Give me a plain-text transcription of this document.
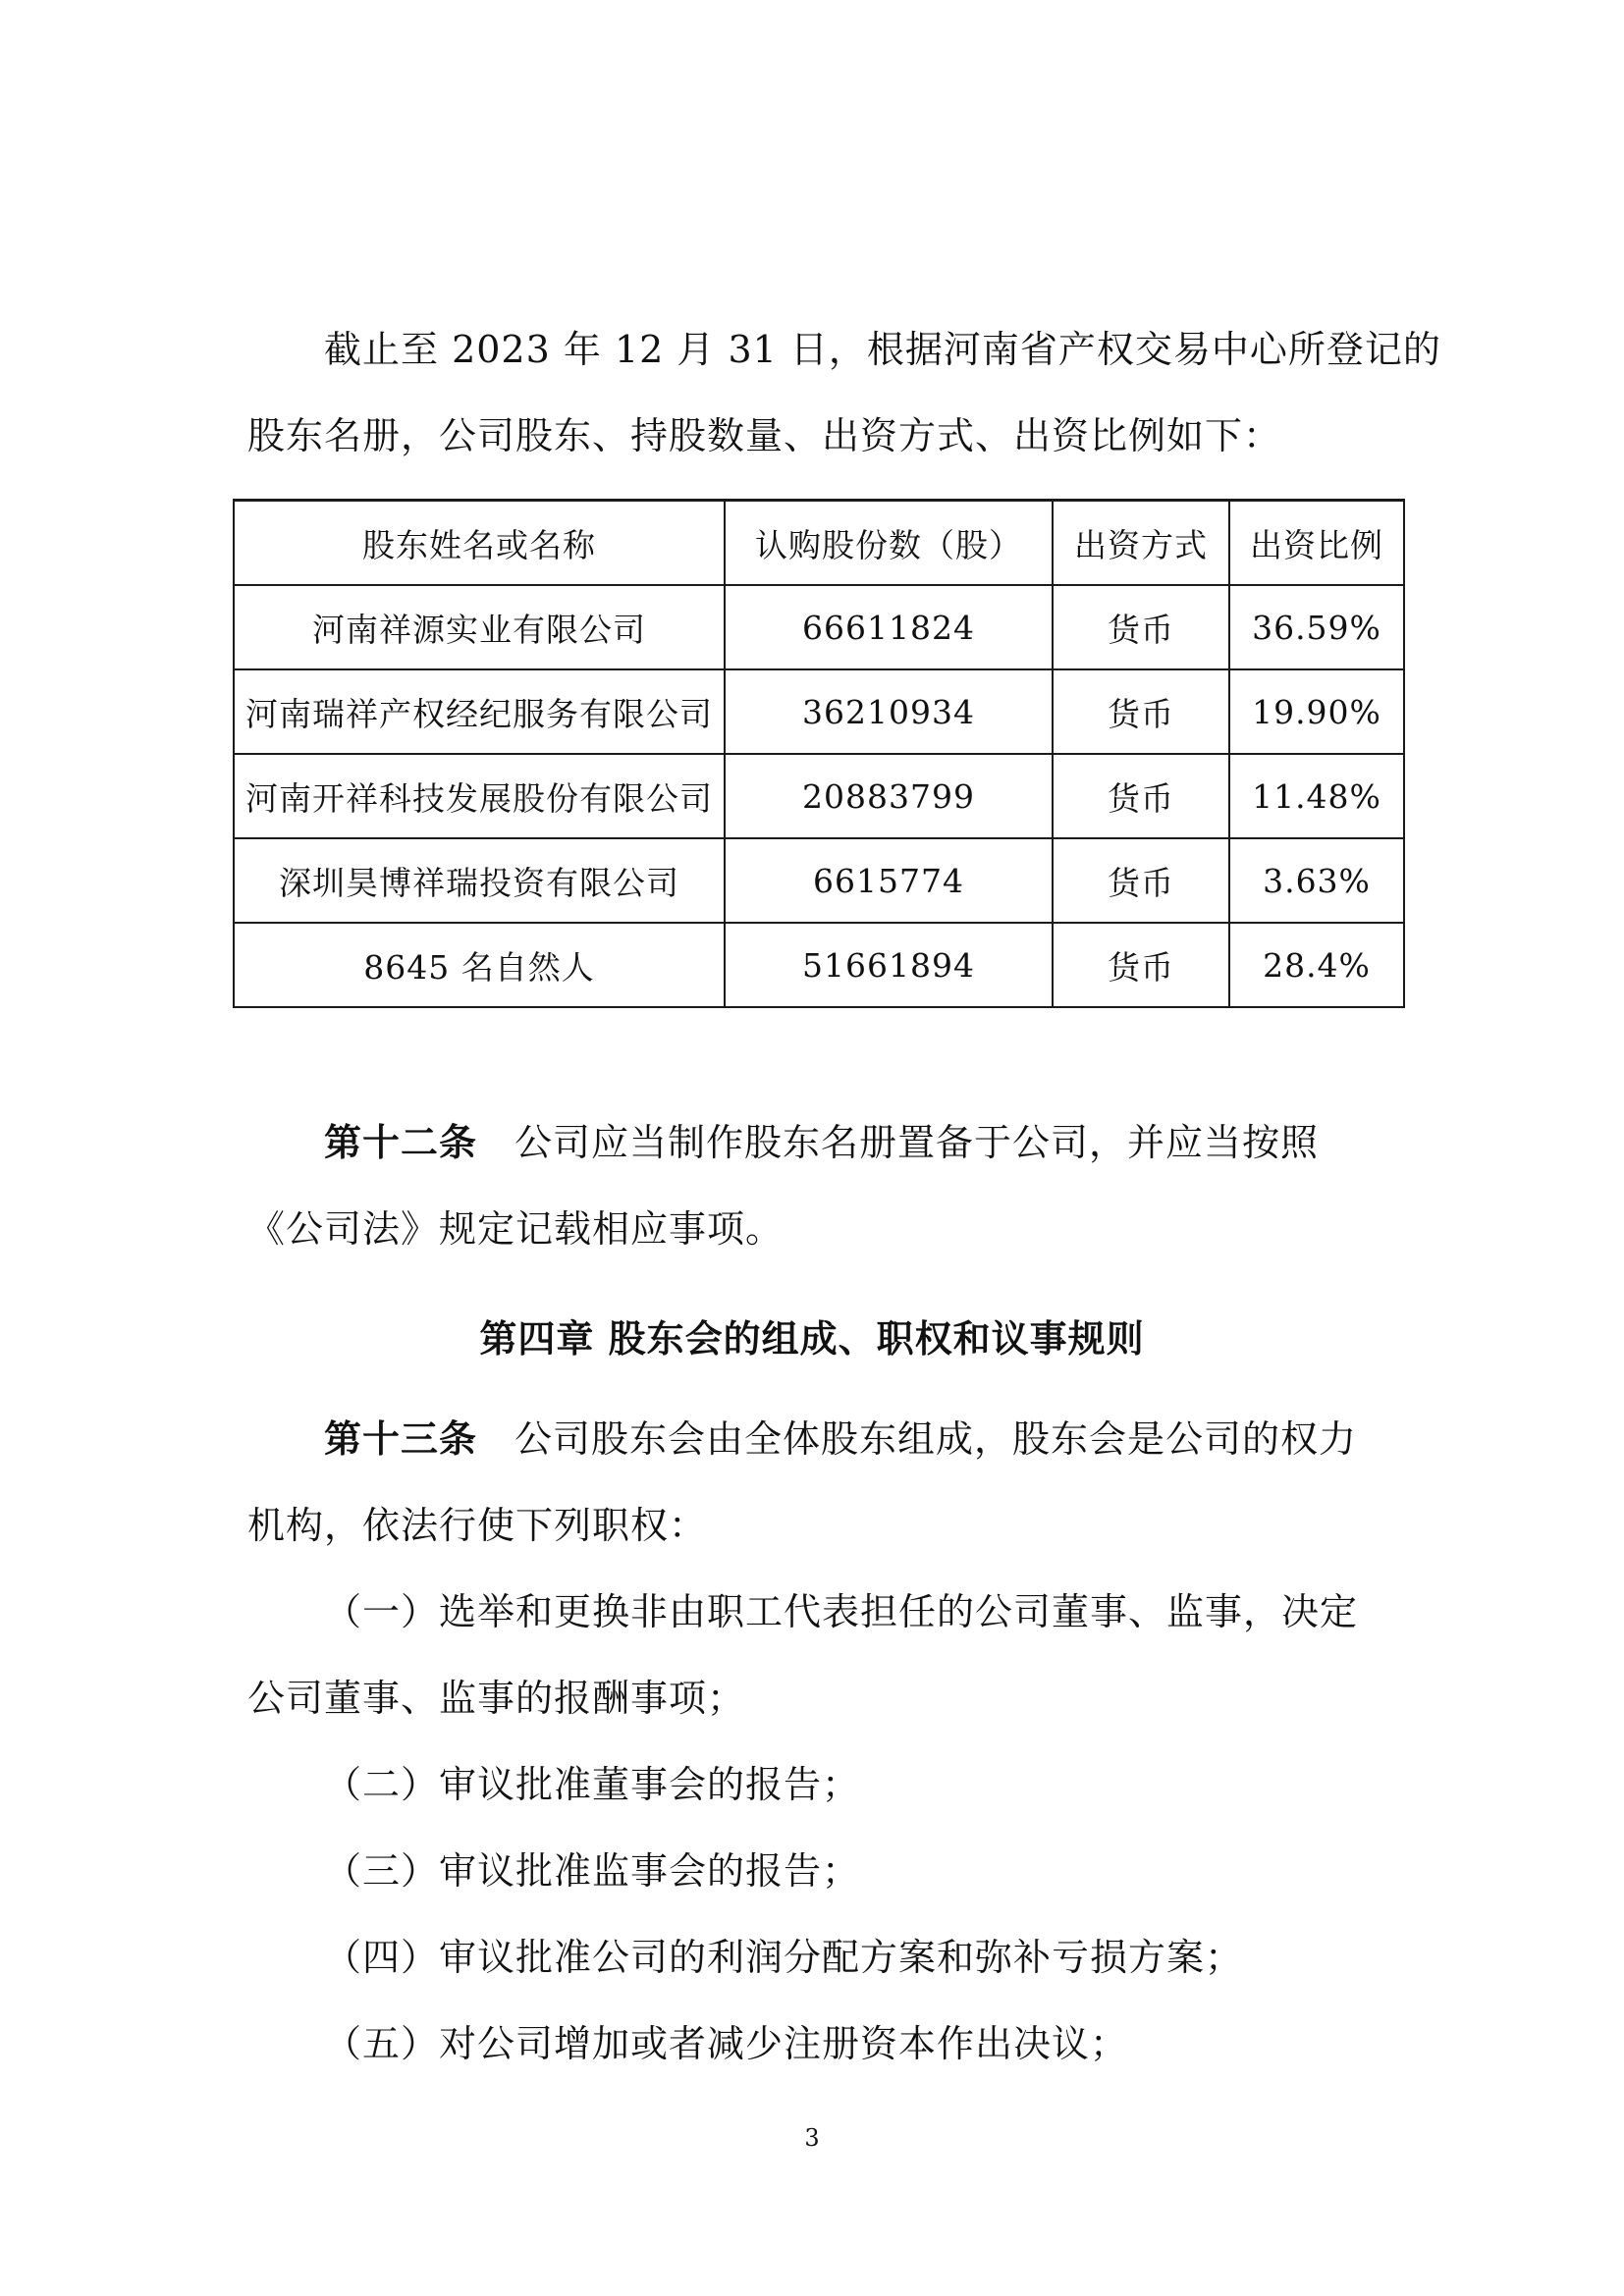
截止至 2023 年 12 月 31 日，根据河南省产权交易中心所登记的
股东名册，公司股东、持股数量、出资方式、出资比例如下：
股东姓名或名称	认购股份数（股）	出资方式	出资比例
河南祥源实业有限公司	66611824	货币	36.59%
河南瑞祥产权经纪服务有限公司	36210934	货币	19.90%
河南开祥科技发展股份有限公司	20883799	货币	11.48%
深圳昊博祥瑞投资有限公司	6615774	货币	3.63%
8645 名自然人	51661894	货币	28.4%
第十二条 公司应当制作股东名册置备于公司，并应当按照
《公司法》规定记载相应事项。
第四章 股东会的组成、职权和议事规则
第十三条 公司股东会由全体股东组成，股东会是公司的权力
机构，依法行使下列职权：
（一）选举和更换非由职工代表担任的公司董事、监事，决定
公司董事、监事的报酬事项；
（二）审议批准董事会的报告；
（三）审议批准监事会的报告；
（四）审议批准公司的利润分配方案和弥补亏损方案；
（五）对公司增加或者减少注册资本作出决议；
3
